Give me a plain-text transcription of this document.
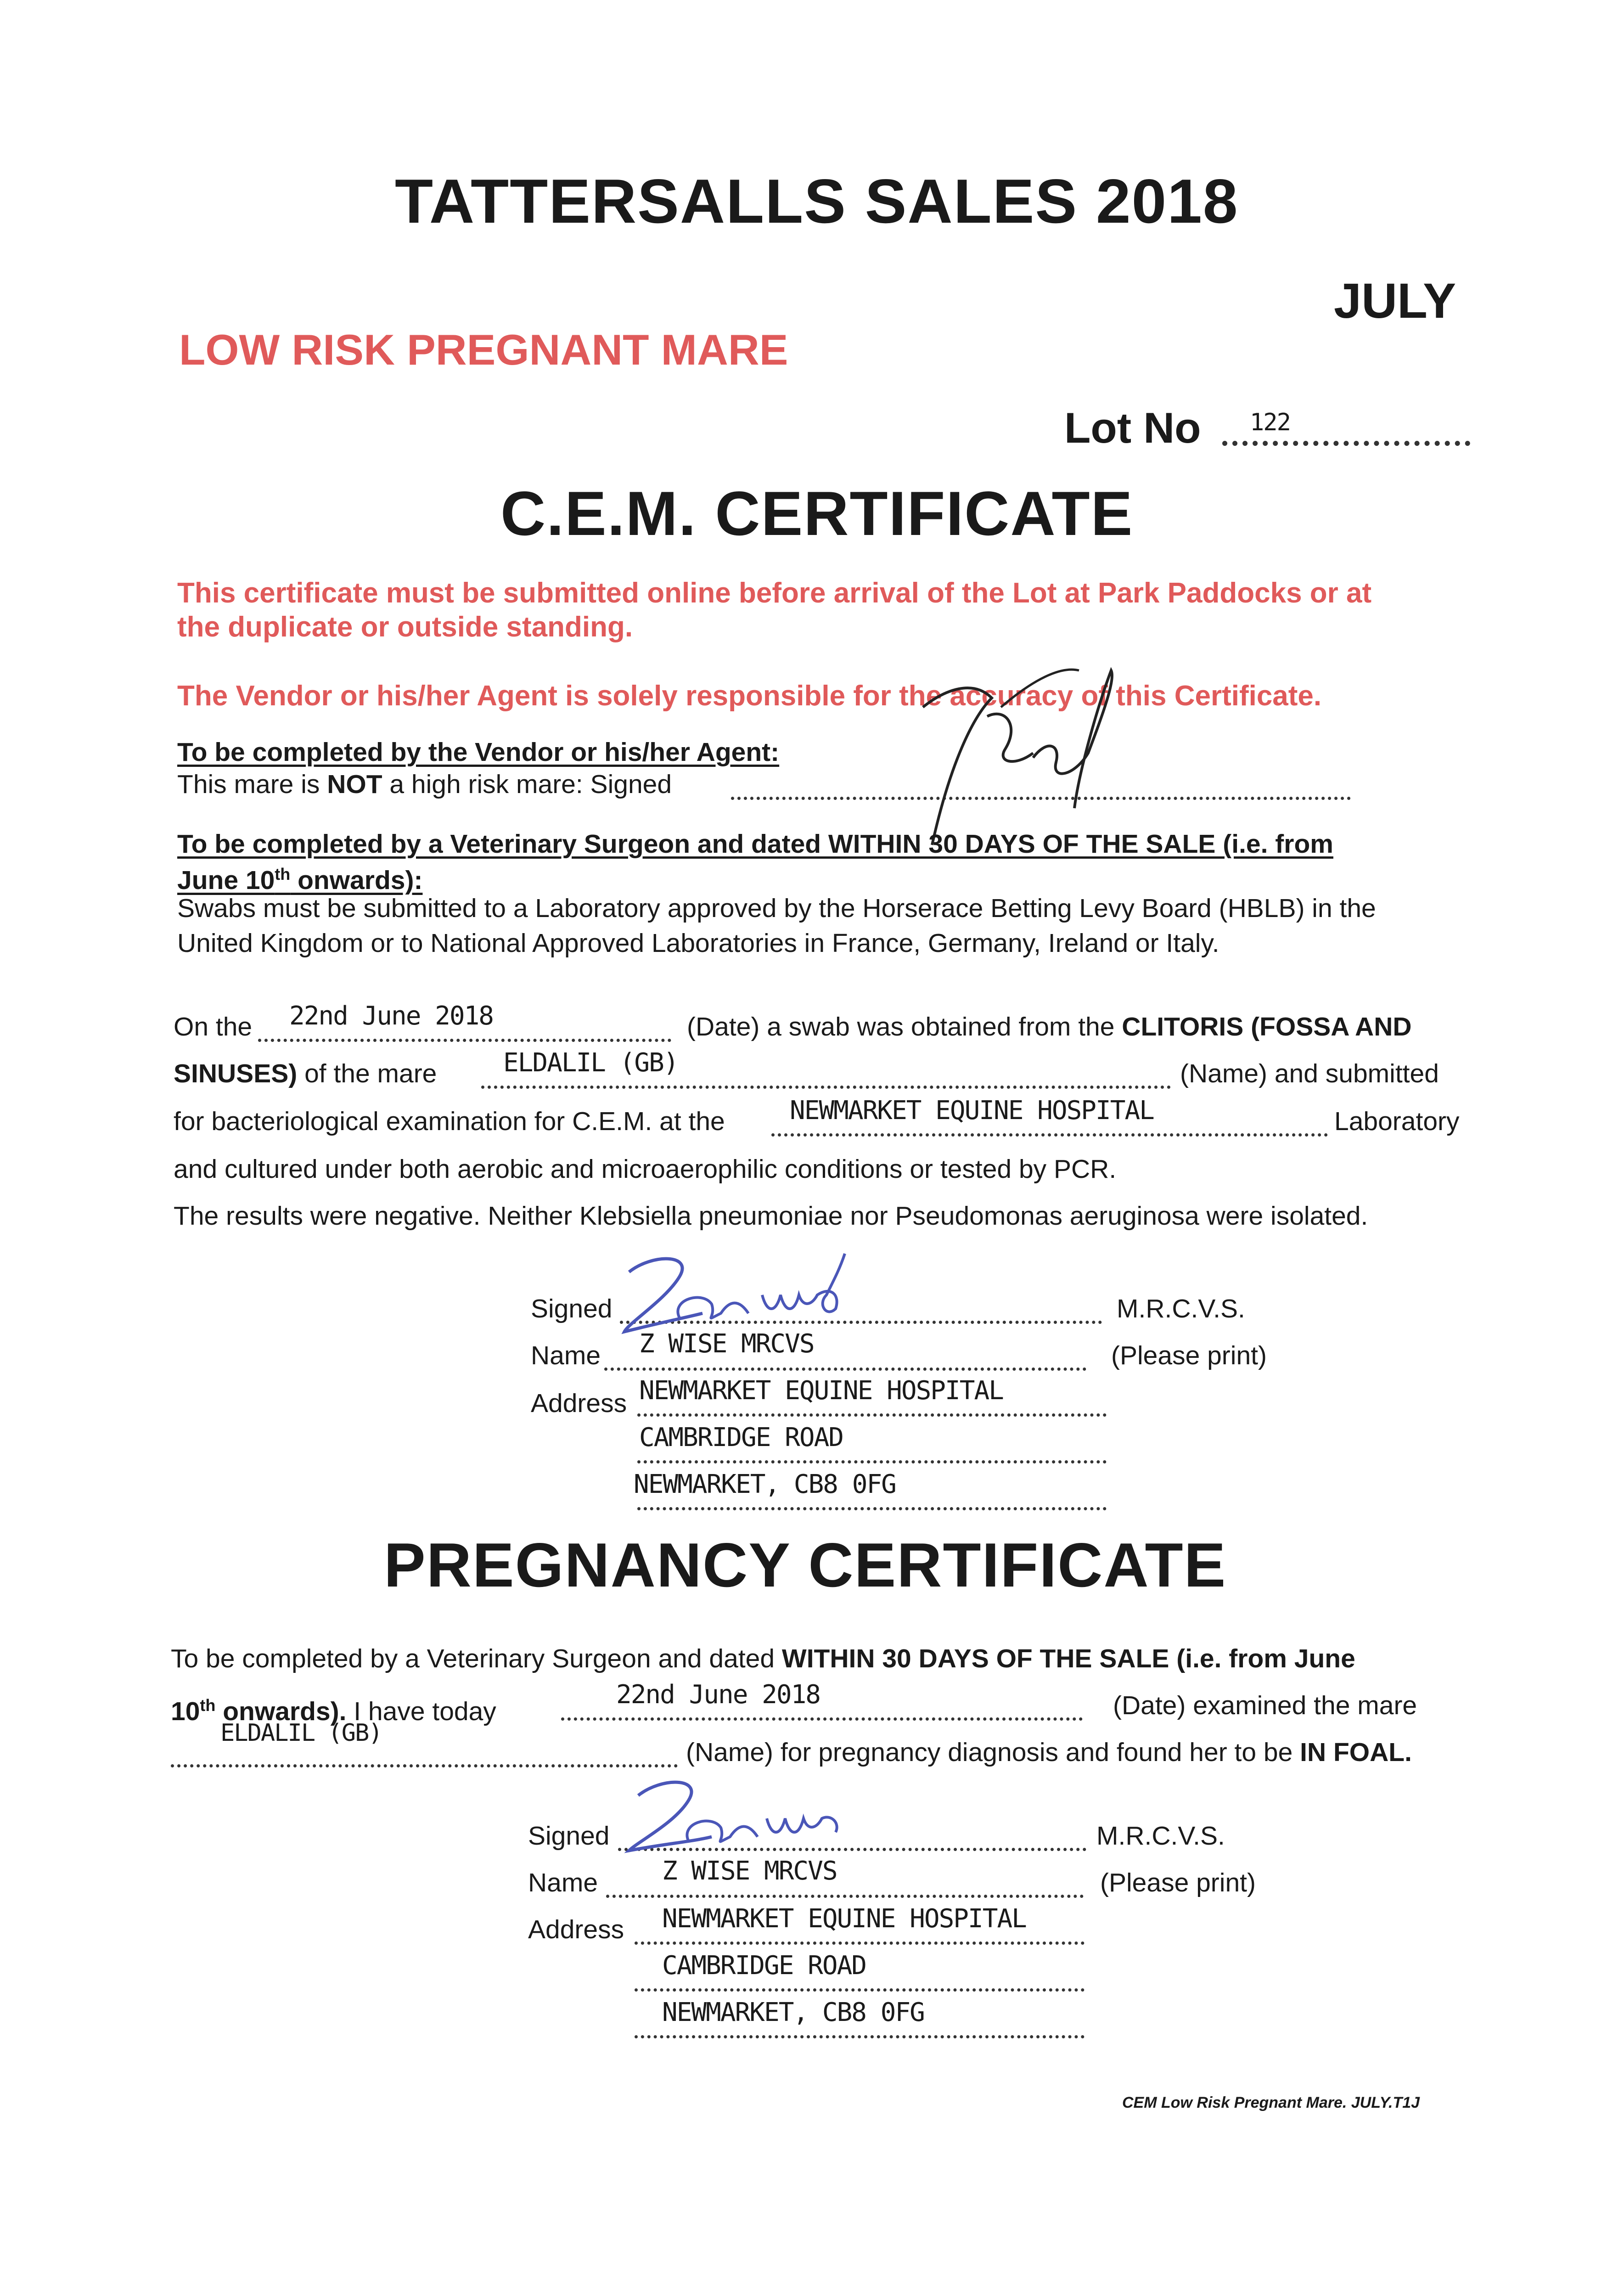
TATTERSALLS SALES 2018
JULY
LOW RISK PREGNANT MARE
Lot No 122
C.E.M. CERTIFICATE
This certificate must be submitted online before arrival of the Lot at Park Paddocks or at
the duplicate or outside standing.
The Vendor or his/her Agent is solely responsible for the accuracy of this Certificate.
To be completed by the Vendor or his/her Agent:
This mare is NOT a high risk mare: Signed
To be completed by a Veterinary Surgeon and dated WITHIN 30 DAYS OF THE SALE (i.e. from
June 10th onwards):
Swabs must be submitted to a Laboratory approved by the Horserace Betting Levy Board (HBLB) in the
United Kingdom or to National Approved Laboratories in France, Germany, Ireland or Italy.
On the 22nd June 2018	(Date) a swab was obtained from the CLITORIS (FOSSA AND
SINUSES) of the mare	ELDALIL (GB)	(Name) and submitted
for bacteriological examination for C.E.M. at the	NEWMARKET EQUINE HOSPITAL	Laboratory
and cultured under both aerobic and microaerophilic conditions or tested by PCR.
The results were negative. Neither Klebsiella pneumoniae nor Pseudomonas aeruginosa were isolated.
Signed	M.R.C.V.S.
Name Z WISE MRCVS	(Please print)
Address NEWMARKET EQUINE HOSPITAL
CAMBRIDGE ROAD
NEWMARKET, CB8 0FG
PREGNANCY CERTIFICATE
To be completed by a Veterinary Surgeon and dated WITHIN 30 DAYS OF THE SALE (i.e. from June
10th onwards). I have today
22nd June 2018	(Date) examined the mare
ELDALIL (GB)
(Name) for pregnancy diagnosis and found her to be IN FOAL.
Signed	M.R.C.V.S.
Name Z WISE MRCVS	(Please print)
Address NEWMARKET EQUINE HOSPITAL
CAMBRIDGE ROAD
NEWMARKET, CB8 0FG
CEM Low Risk Pregnant Mare. JULY.T1J
